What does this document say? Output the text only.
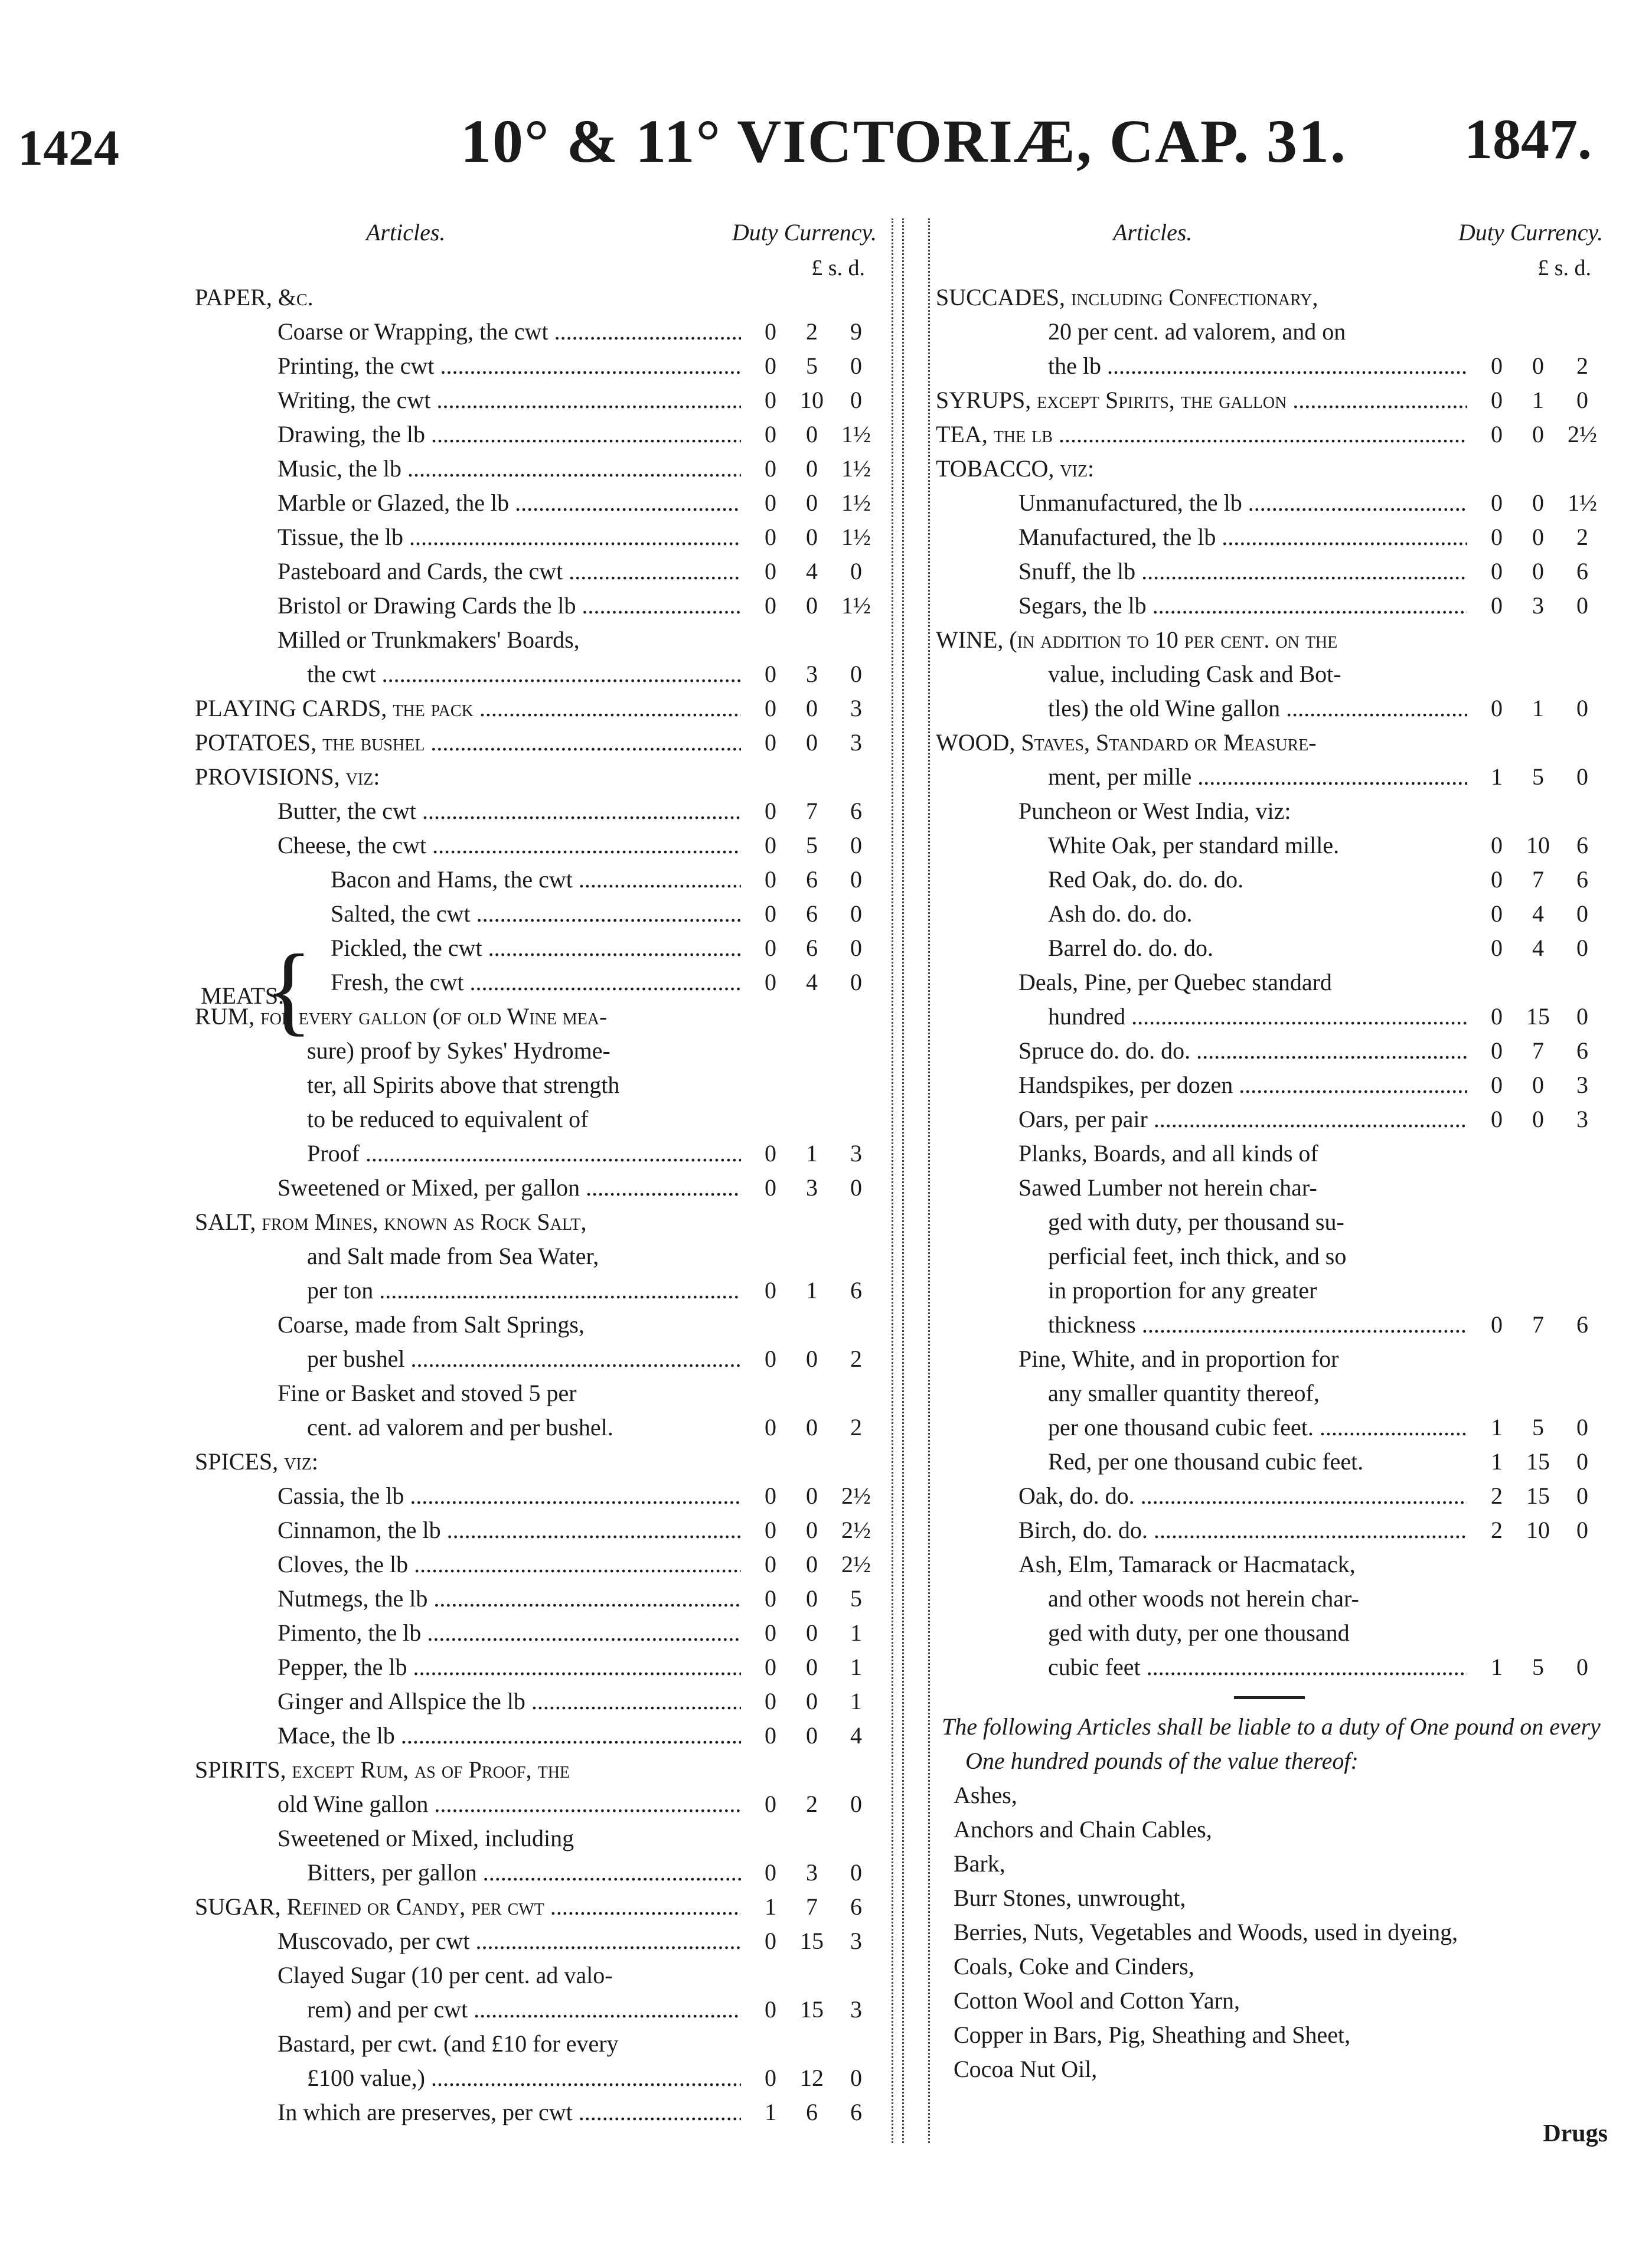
1424	10° & 11° VICTORIÆ, CAP. 31. 1847.
Articles.	Duty Currency.
£ s. d.
PAPER, &c.
Coarse or Wrapping, the cwt .....	0	2	9
Printing, the cwt .....	0	5	0
Writing, the cwt .....	0	10	0
Drawing, the lb .....	0	0	1½
Music, the lb .....	0	0	1½
Marble or Glazed, the lb .....	0	0	1½
Tissue, the lb .....	0	0	1½
Pasteboard and Cards, the cwt .....	0	4	0
Bristol or Drawing Cards the lb .....	0	0	1½
Milled or Trunkmakers' Boards,
the cwt .....	0	3	0
PLAYING CARDS, the pack .....	0	0	3
POTATOES, the bushel .....	0	0	3
PROVISIONS, viz:
Butter, the cwt .....	0	7	6
Cheese, the cwt .....	0	5	0
Bacon and Hams, the cwt .....	0	6	0
Salted, the cwt .....	0	6	0
Pickled, the cwt .....	0	6	0
Fresh, the cwt .....	0	4	0
RUM, for every gallon (of old Wine mea-
sure) proof by Sykes' Hydrome-
ter, all Spirits above that strength
to be reduced to equivalent of
Proof .....	0	1	3
Sweetened or Mixed, per gallon .....	0	3	0
SALT, from Mines, known as Rock Salt,
and Salt made from Sea Water,
per ton .....	0	1	6
Coarse, made from Salt Springs,
per bushel .....	0	0	2
Fine or Basket and stoved 5 per
cent. ad valorem and per bushel.	0	0	2
SPICES, viz:
Cassia, the lb .....	0	0	2½
Cinnamon, the lb .....	0	0	2½
Cloves, the lb .....	0	0	2½
Nutmegs, the lb .....	0	0	5
Pimento, the lb .....	0	0	1
Pepper, the lb .....	0	0	1
Ginger and Allspice the lb .....	0	0	1
Mace, the lb .....	0	0	4
SPIRITS, except Rum, as of Proof, the
old Wine gallon .....	0	2	0
Sweetened or Mixed, including
Bitters, per gallon .....	0	3	0
SUGAR, Refined or Candy, per cwt .....	1	7	6
Muscovado, per cwt .....	0	15	3
Clayed Sugar (10 per cent. ad valo-
rem) and per cwt .....	0	15	3
Bastard, per cwt. (and £10 for every
£100 value,) .....	0	12	0
In which are preserves, per cwt .....	1	6	6
MEATS.
{
Articles.	Duty Currency.
£ s. d.
SUCCADES, including Confectionary,
20 per cent. ad valorem, and on
the lb .....	0	0	2
SYRUPS, except Spirits, the gallon .....	0	1	0
TEA, the lb .....	0	0	2½
TOBACCO, viz:
Unmanufactured, the lb .....	0	0	1½
Manufactured, the lb .....	0	0	2
Snuff, the lb .....	0	0	6
Segars, the lb .....	0	3	0
WINE, (in addition to 10 per cent. on the
value, including Cask and Bot-
tles) the old Wine gallon .....	0	1	0
WOOD, Staves, Standard or Measure-
ment, per mille .....	1	5	0
Puncheon or West India, viz:
White Oak, per standard mille.	0	10	6
Red Oak, do. do. do.	0	7	6
Ash do. do. do.	0	4	0
Barrel do. do. do.	0	4	0
Deals, Pine, per Quebec standard
hundred .....	0	15	0
Spruce do. do. do. .....	0	7	6
Handspikes, per dozen .....	0	0	3
Oars, per pair .....	0	0	3
Planks, Boards, and all kinds of
Sawed Lumber not herein char-
ged with duty, per thousand su-
perficial feet, inch thick, and so
in proportion for any greater
thickness .....	0	7	6
Pine, White, and in proportion for
any smaller quantity thereof,
per one thousand cubic feet. .....	1	5	0
Red, per one thousand cubic feet.	1	15	0
Oak, do. do. .....	2	15	0
Birch, do. do. .....	2	10	0
Ash, Elm, Tamarack or Hacmatack,
and other woods not herein char-
ged with duty, per one thousand
cubic feet .....	1	5	0
The following Articles shall be liable to a duty of One pound on every One hundred pounds of the value thereof:
Ashes,
Anchors and Chain Cables,
Bark,
Burr Stones, unwrought,
Berries, Nuts, Vegetables and Woods, used in dyeing,
Coals, Coke and Cinders,
Cotton Wool and Cotton Yarn,
Copper in Bars, Pig, Sheathing and Sheet,
Cocoa Nut Oil,
Drugs
